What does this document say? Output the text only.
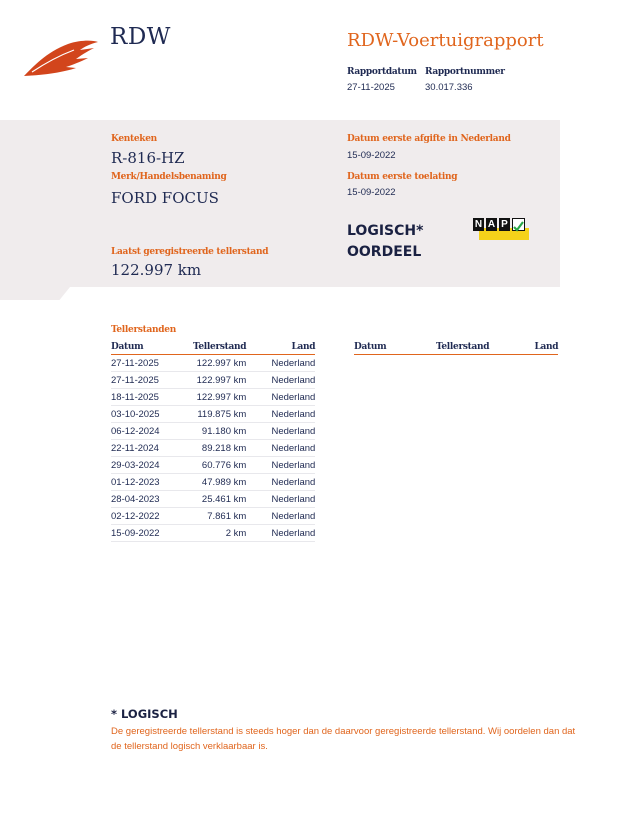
RDW	RDW-Voertuigrapport
Rapportdatum
27-11-2025
Rapportnummer
30.017.336
Kenteken
R-816-HZ
Merk/Handelsbenaming
FORD FOCUS
Datum eerste afgifte in Nederland
15-09-2022
Datum eerste toelating
15-09-2022
LOGISCH*
OORDEEL
N A P
Laatst geregistreerde tellerstand
122.997 km
Tellerstanden
Datum	Tellerstand	Land
27-11-2025	122.997 km	Nederland
27-11-2025	122.997 km	Nederland
18-11-2025	122.997 km	Nederland
03-10-2025	119.875 km	Nederland
06-12-2024	91.180 km	Nederland
22-11-2024	89.218 km	Nederland
29-03-2024	60.776 km	Nederland
01-12-2023	47.989 km	Nederland
28-04-2023	25.461 km	Nederland
02-12-2022	7.861 km	Nederland
15-09-2022	2 km	Nederland
Datum	Tellerstand	Land
* LOGISCH
De geregistreerde tellerstand is steeds hoger dan de daarvoor geregistreerde tellerstand. Wij oordelen dan dat de tellerstand logisch verklaarbaar is.
